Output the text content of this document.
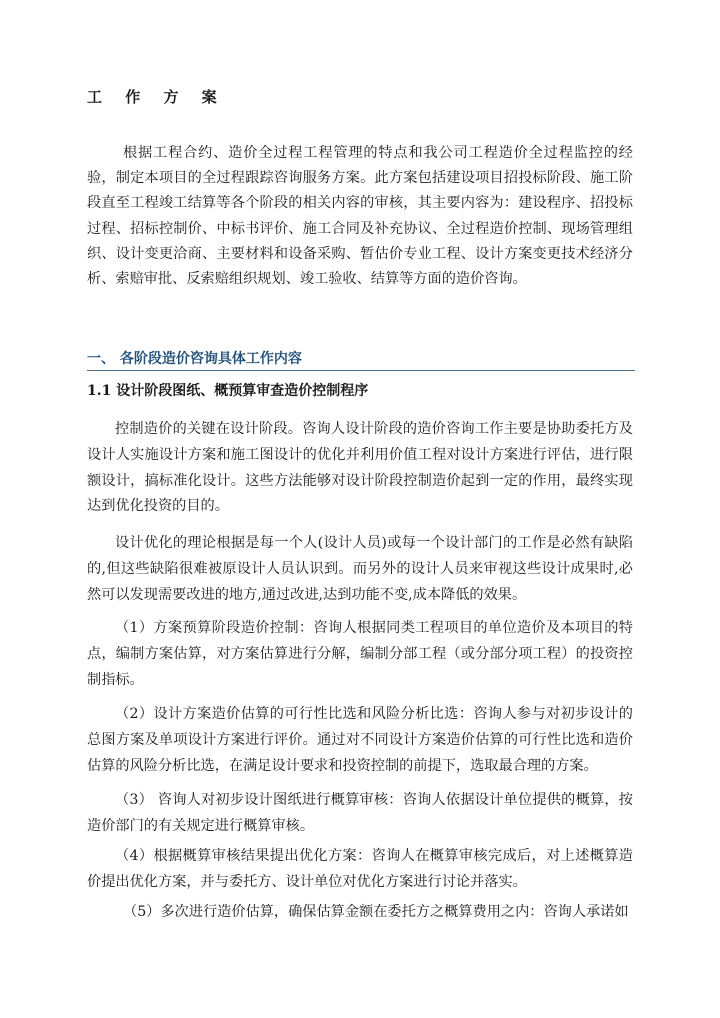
工 作 方 案

根据工程合约、造价全过程工程管理的特点和我公司工程造价全过程监控的经验，制定本项目的全过程跟踪咨询服务方案。此方案包括建设项目招投标阶段、施工阶段直至工程竣工结算等各个阶段的相关内容的审核，其主要内容为：建设程序、招投标过程、招标控制价、中标书评价、施工合同及补充协议、全过程造价控制、现场管理组织、设计变更洽商、主要材料和设备采购、暂估价专业工程、设计方案变更技术经济分析、索赔审批、反索赔组织规划、竣工验收、结算等方面的造价咨询。

一、 各阶段造价咨询具体工作内容
1.1 设计阶段图纸、概预算审查造价控制程序

控制造价的关键在设计阶段。咨询人设计阶段的造价咨询工作主要是协助委托方及设计人实施设计方案和施工图设计的优化并利用价值工程对设计方案进行评估，进行限额设计，搞标准化设计。这些方法能够对设计阶段控制造价起到一定的作用，最终实现达到优化投资的目的。

设计优化的理论根据是每一个人(设计人员)或每一个设计部门的工作是必然有缺陷的,但这些缺陷很难被原设计人员认识到。而另外的设计人员来审视这些设计成果时,必然可以发现需要改进的地方,通过改进,达到功能不变,成本降低的效果。

（1）方案预算阶段造价控制：咨询人根据同类工程项目的单位造价及本项目的特点，编制方案估算，对方案估算进行分解，编制分部工程（或分部分项工程）的投资控制指标。

（2）设计方案造价估算的可行性比选和风险分析比选：咨询人参与对初步设计的总图方案及单项设计方案进行评价。通过对不同设计方案造价估算的可行性比选和造价估算的风险分析比选，在满足设计要求和投资控制的前提下，选取最合理的方案。

（3） 咨询人对初步设计图纸进行概算审核：咨询人依据设计单位提供的概算，按造价部门的有关规定进行概算审核。

（4）根据概算审核结果提出优化方案：咨询人在概算审核完成后，对上述概算造价提出优化方案，并与委托方、设计单位对优化方案进行讨论并落实。

（5）多次进行造价估算，确保估算金额在委托方之概算费用之内：咨询人承诺如
